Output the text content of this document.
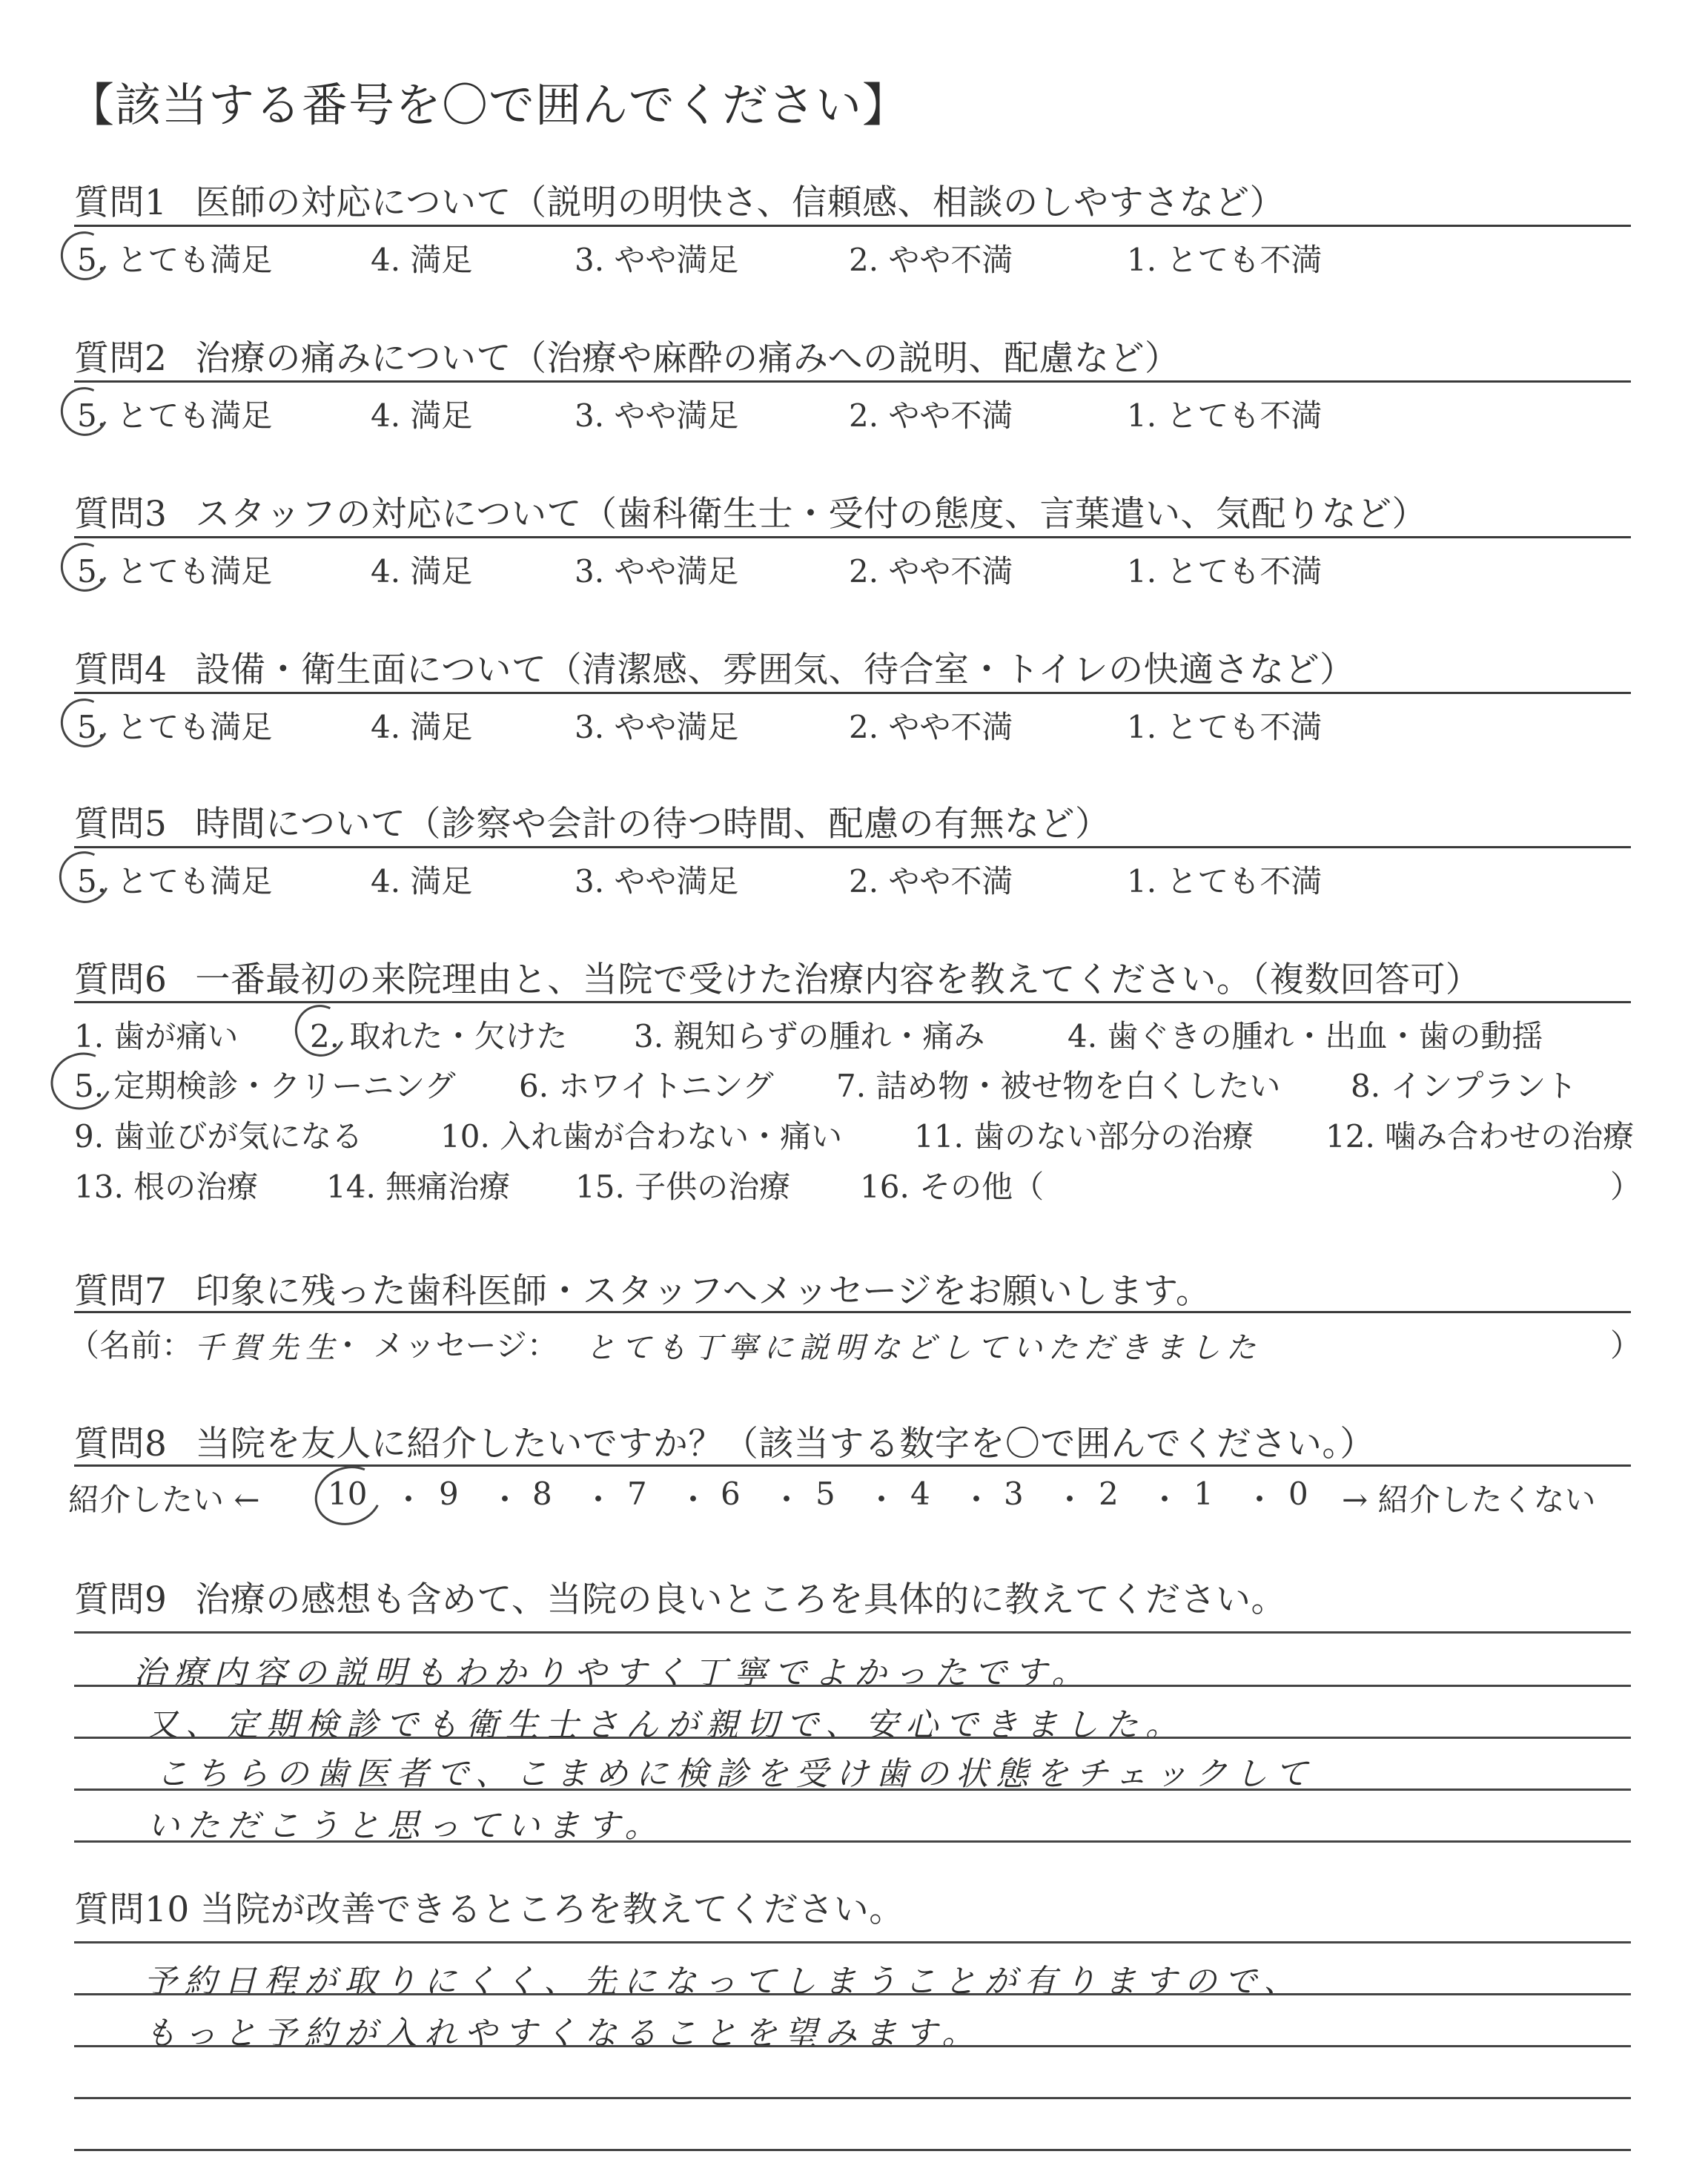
【該当する番号を〇で囲んでください】
質問1 医師の対応について（説明の明快さ、信頼感、相談のしやすさなど）
5. とても満足	4. 満足	3. やや満足	2. やや不満	1. とても不満
質問2 治療の痛みについて（治療や麻酔の痛みへの説明、配慮など）
5. とても満足	4. 満足	3. やや満足	2. やや不満	1. とても不満
質問3 スタッフの対応について（歯科衛生士・受付の態度、言葉遣い、気配りなど）
5. とても満足	4. 満足	3. やや満足	2. やや不満	1. とても不満
質問4 設備・衛生面について（清潔感、雰囲気、待合室・トイレの快適さなど）
5. とても満足	4. 満足	3. やや満足	2. やや不満	1. とても不満
質問5 時間について（診察や会計の待つ時間、配慮の有無など）
5. とても満足	4. 満足	3. やや満足	2. やや不満	1. とても不満
質問6 一番最初の来院理由と、当院で受けた治療内容を教えてください。（複数回答可）
1. 歯が痛い 2. 取れた・欠けた 3. 親知らずの腫れ・痛み	4. 歯ぐきの腫れ・出血・歯の動揺
5. 定期検診・クリーニング 6. ホワイトニング 7. 詰め物・被せ物を白くしたい 8. インプラント
9. 歯並びが気になる 10. 入れ歯が合わない・痛い 11. 歯のない部分の治療 12. 噛み合わせの治療
13. 根の治療 14. 無痛治療 15. 子供の治療 16. その他（	）
質問7 印象に残った歯科医師・スタッフへメッセージをお願いします。
（名前： 千賀先生
・ メッセージ： とても丁寧に説明などしていただきました	）
質問8 当院を友人に紹介したいですか？（該当する数字を〇で囲んでください。）
紹介したい ← 10 ・ 9 ・ 8 ・ 7 ・ 6 ・ 5 ・ 4 ・ 3 ・ 2 ・ 1 ・ 0 → 紹介したくない
質問9 治療の感想も含めて、当院の良いところを具体的に教えてください。
治療内容の説明もわかりやすく丁寧でよかったです。
又、定期検診でも衛生士さんが親切で、安心できました。
こちらの歯医者で、こまめに検診を受け歯の状態をチェックして
いただこうと思っています。
質問10 当院が改善できるところを教えてください。
予約日程が取りにくく、先になってしまうことが有りますので、
もっと予約が入れやすくなることを望みます。
